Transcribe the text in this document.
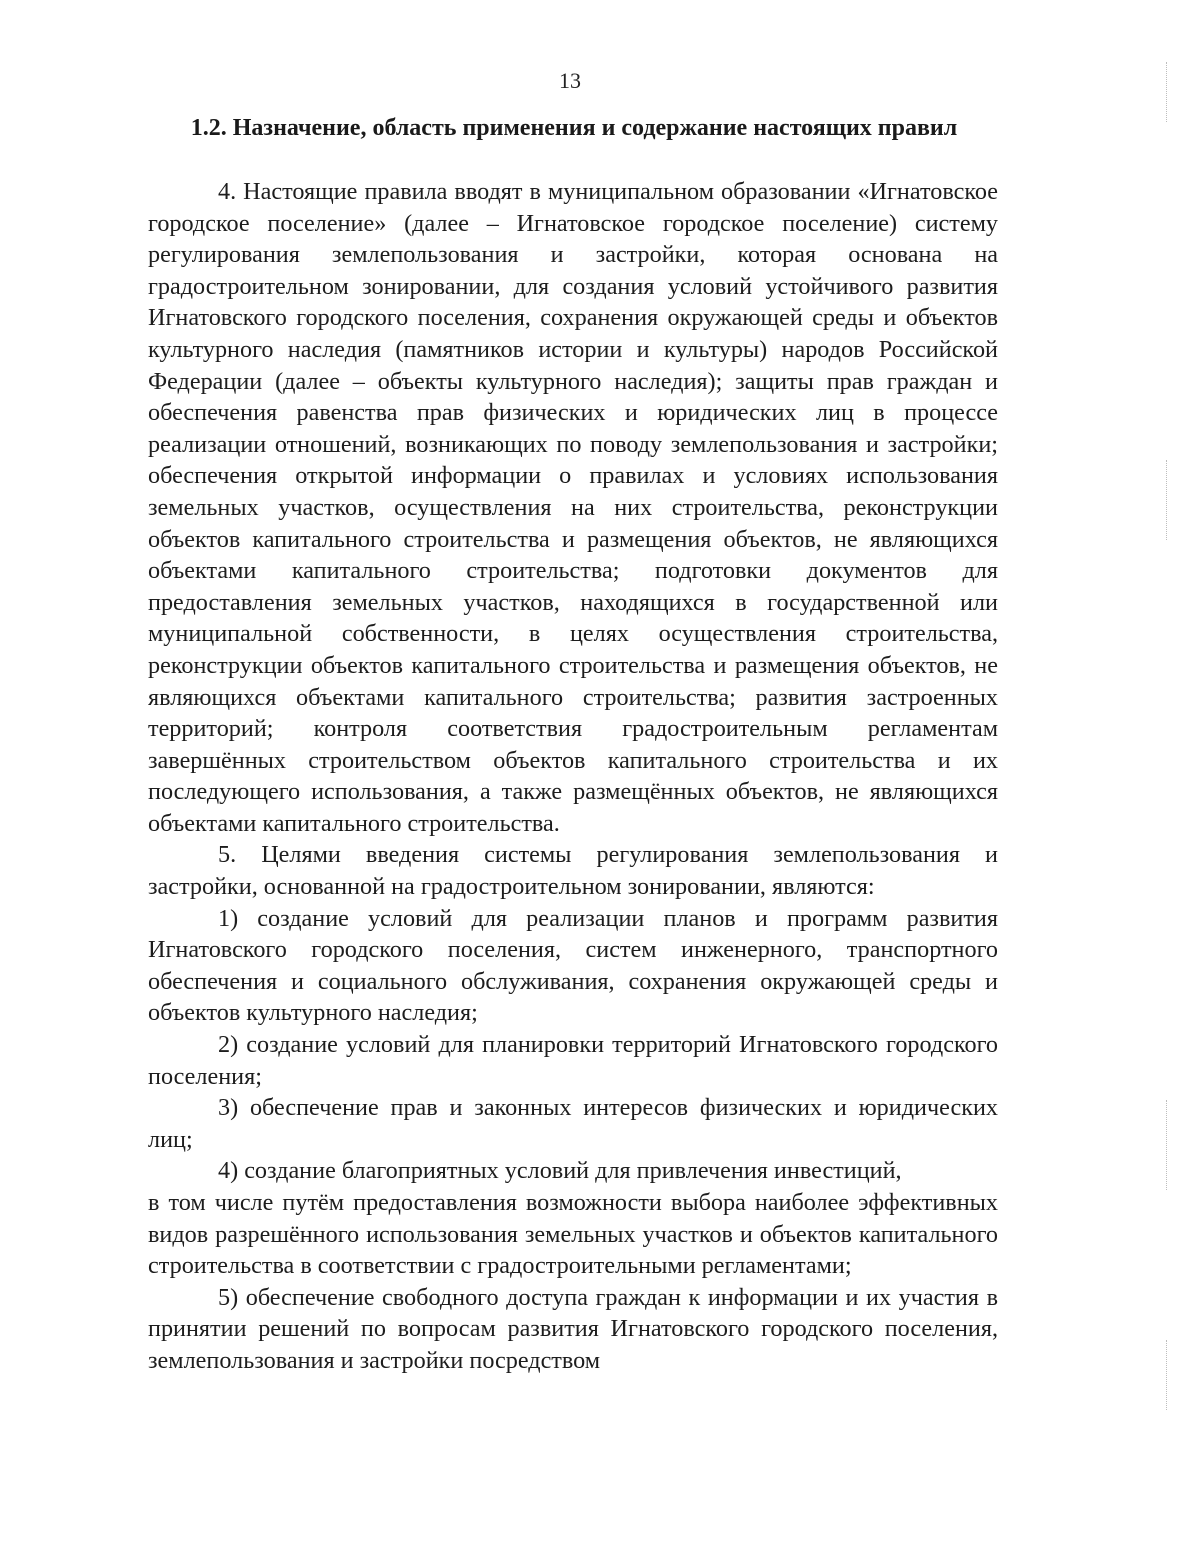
13
1.2. Назначение, область применения и содержание настоящих правил

4. Настоящие правила вводят в муниципальном образовании «Игнатовское городское поселение» (далее – Игнатовское городское поселение) систему регулирования землепользования и застройки, которая основана на градостроительном зонировании, для создания условий устойчивого развития Игнатовского городского поселения, сохранения окружающей среды и объектов культурного наследия (памятников истории и культуры) народов Российской Федерации (далее – объекты культурного наследия); защиты прав граждан и обеспечения равенства прав физических и юридических лиц в процессе реализации отношений, возникающих по поводу землепользования и застройки; обеспечения открытой информации о правилах и условиях использования земельных участков, осуществления на них строительства, реконструкции объектов капитального строительства и размещения объектов, не являющихся объектами капитального строительства; подготовки документов для предоставления земельных участков, находящихся в государственной или муниципальной собственности, в целях осуществления строительства, реконструкции объектов капитального строительства и размещения объектов, не являющихся объектами капитального строительства; развития застроенных территорий; контроля соответствия градостроительным регламентам завершённых строительством объектов капитального строительства и их последующего использования, а также размещённых объектов, не являющихся объектами капитального строительства.

5. Целями введения системы регулирования землепользования и застройки, основанной на градостроительном зонировании, являются:

1) создание условий для реализации планов и программ развития Игнатовского городского поселения, систем инженерного, транспортного обеспечения и социального обслуживания, сохранения окружающей среды и объектов культурного наследия;

2) создание условий для планировки территорий Игнатовского городского поселения;

3) обеспечение прав и законных интересов физических и юридических лиц;

4) создание благоприятных условий для привлечения инвестиций,

в том числе путём предоставления возможности выбора наиболее эффективных видов разрешённого использования земельных участков и объектов капитального строительства в соответствии с градостроительными регламентами;

5) обеспечение свободного доступа граждан к информации и их участия в принятии решений по вопросам развития Игнатовского городского поселения, землепользования и застройки посредством
